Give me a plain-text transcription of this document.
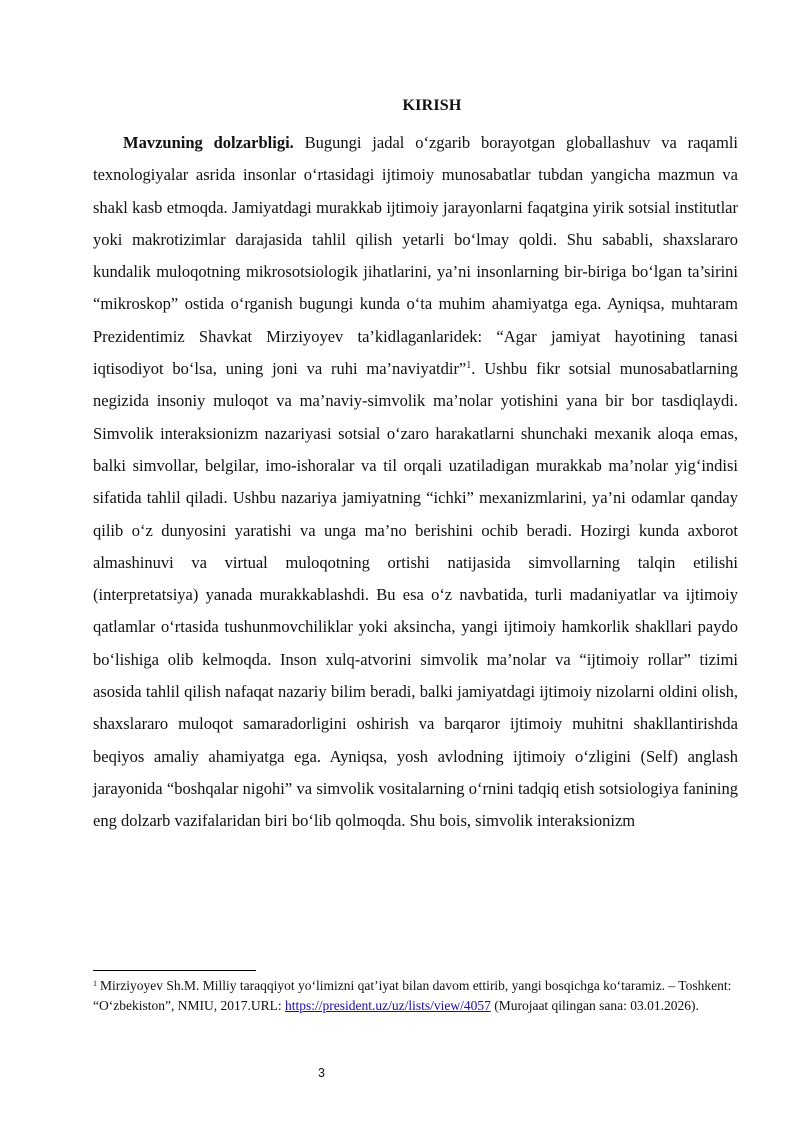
KIRISH

Mavzuning dolzarbligi. Bugungi jadal o‘zgarib borayotgan globallashuv va raqamli texnologiyalar asrida insonlar o‘rtasidagi ijtimoiy munosabatlar tubdan yangicha mazmun va shakl kasb etmoqda. Jamiyatdagi murakkab ijtimoiy jarayonlarni faqatgina yirik sotsial institutlar yoki makrotizimlar darajasida tahlil qilish yetarli bo‘lmay qoldi. Shu sababli, shaxslararo kundalik muloqotning mikrosotsiologik jihatlarini, ya’ni insonlarning bir-biriga bo‘lgan ta’sirini “mikroskop” ostida o‘rganish bugungi kunda o‘ta muhim ahamiyatga ega. Ayniqsa, muhtaram Prezidentimiz Shavkat Mirziyoyev ta’kidlaganlaridek: “Agar jamiyat hayotining tanasi iqtisodiyot bo‘lsa, uning joni va ruhi ma’naviyatdir”$^1$. Ushbu fikr sotsial munosabatlarning negizida insoniy muloqot va ma’naviy-simvolik ma’nolar yotishini yana bir bor tasdiqlaydi. Simvolik interaksionizm nazariyasi sotsial o‘zaro harakatlarni shunchaki mexanik aloqa emas, balki simvollar, belgilar, imo-ishoralar va til orqali uzatiladigan murakkab ma’nolar yig‘indisi sifatida tahlil qiladi. Ushbu nazariya jamiyatning “ichki” mexanizmlarini, ya’ni odamlar qanday qilib o‘z dunyosini yaratishi va unga ma’no berishini ochib beradi. Hozirgi kunda axborot almashinuvi va virtual muloqotning ortishi natijasida simvollarning talqin etilishi (interpretatsiya) yanada murakkablashdi. Bu esa o‘z navbatida, turli madaniyatlar va ijtimoiy qatlamlar o‘rtasida tushunmovchiliklar yoki aksincha, yangi ijtimoiy hamkorlik shakllari paydo bo‘lishiga olib kelmoqda. Inson xulq-atvorini simvolik ma’nolar va “ijtimoiy rollar” tizimi asosida tahlil qilish nafaqat nazariy bilim beradi, balki jamiyatdagi ijtimoiy nizolarni oldini olish, shaxslararo muloqot samaradorligini oshirish va barqaror ijtimoiy muhitni shakllantirishda beqiyos amaliy ahamiyatga ega. Ayniqsa, yosh avlodning ijtimoiy o‘zligini (Self) anglash jarayonida “boshqalar nigohi” va simvolik vositalarning o‘rnini tadqiq etish sotsiologiya fanining eng dolzarb vazifalaridan biri bo‘lib qolmoqda. Shu bois, simvolik interaksionizm

$^1$ Mirziyoyev Sh.M. Milliy taraqqiyot yo‘limizni qat’iyat bilan davom ettirib, yangi bosqichga ko‘taramiz. – Toshkent: “O‘zbekiston”, NMIU, 2017.URL: https://president.uz/uz/lists/view/4057 (Murojaat qilingan sana: 03.01.2026).

3
